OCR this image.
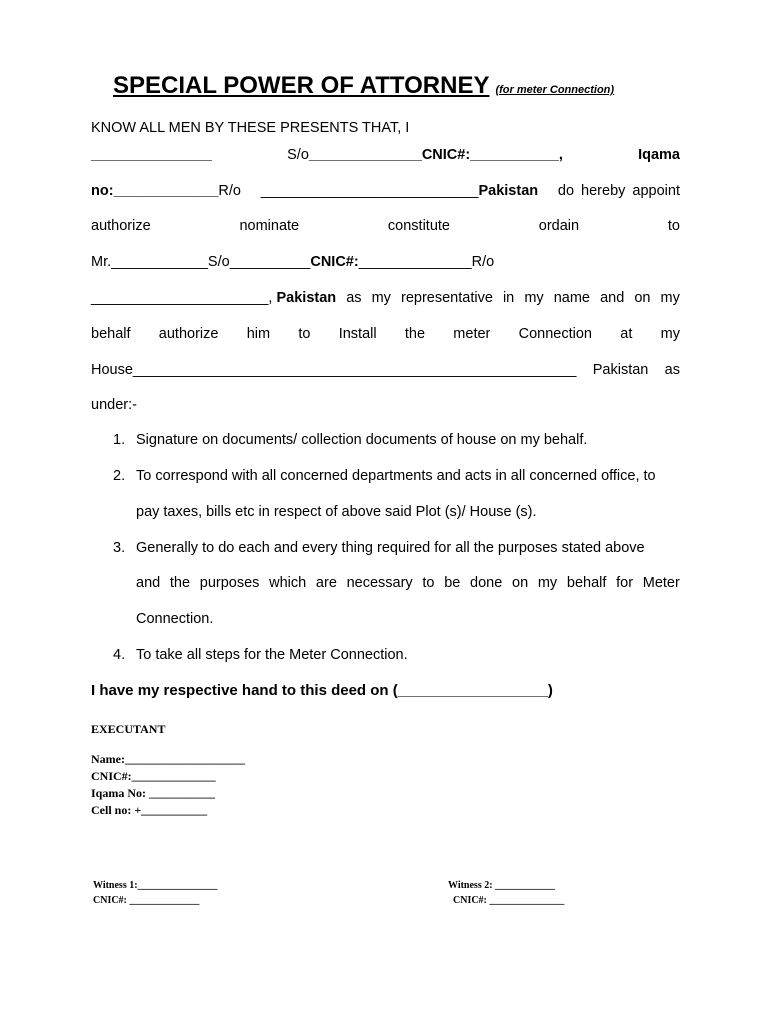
SPECIAL POWER OF ATTORNEY (for meter Connection)
KNOW ALL MEN BY THESE PRESENTS THAT, I
_______________	S/o______________CNIC#:___________,	Iqama
no:_____________R/o ___________________________Pakistan do hereby appoint
authorize	nominate	constitute	ordain	to
Mr.____________S/o__________CNIC#:______________R/o
______________________, Pakistan as my representative in my name and on my
behalf authorize him to Install the meter Connection at my
House_______________________________________________________ Pakistan as
under:-
1. Signature on documents/ collection documents of house on my behalf.
2. To correspond with all concerned departments and acts in all concerned office, to
pay taxes, bills etc in respect of above said Plot (s)/ House (s).
3. Generally to do each and every thing required for all the purposes stated above
and the purposes which are necessary to be done on my behalf for Meter
Connection.
4. To take all steps for the Meter Connection.
I have my respective hand to this deed on (__________________)
EXECUTANT
Name:____________________
CNIC#:______________
Iqama No: ___________
Cell no: +___________
Witness 1:________________
CNIC#: ______________
Witness 2: ____________
CNIC#: _______________
